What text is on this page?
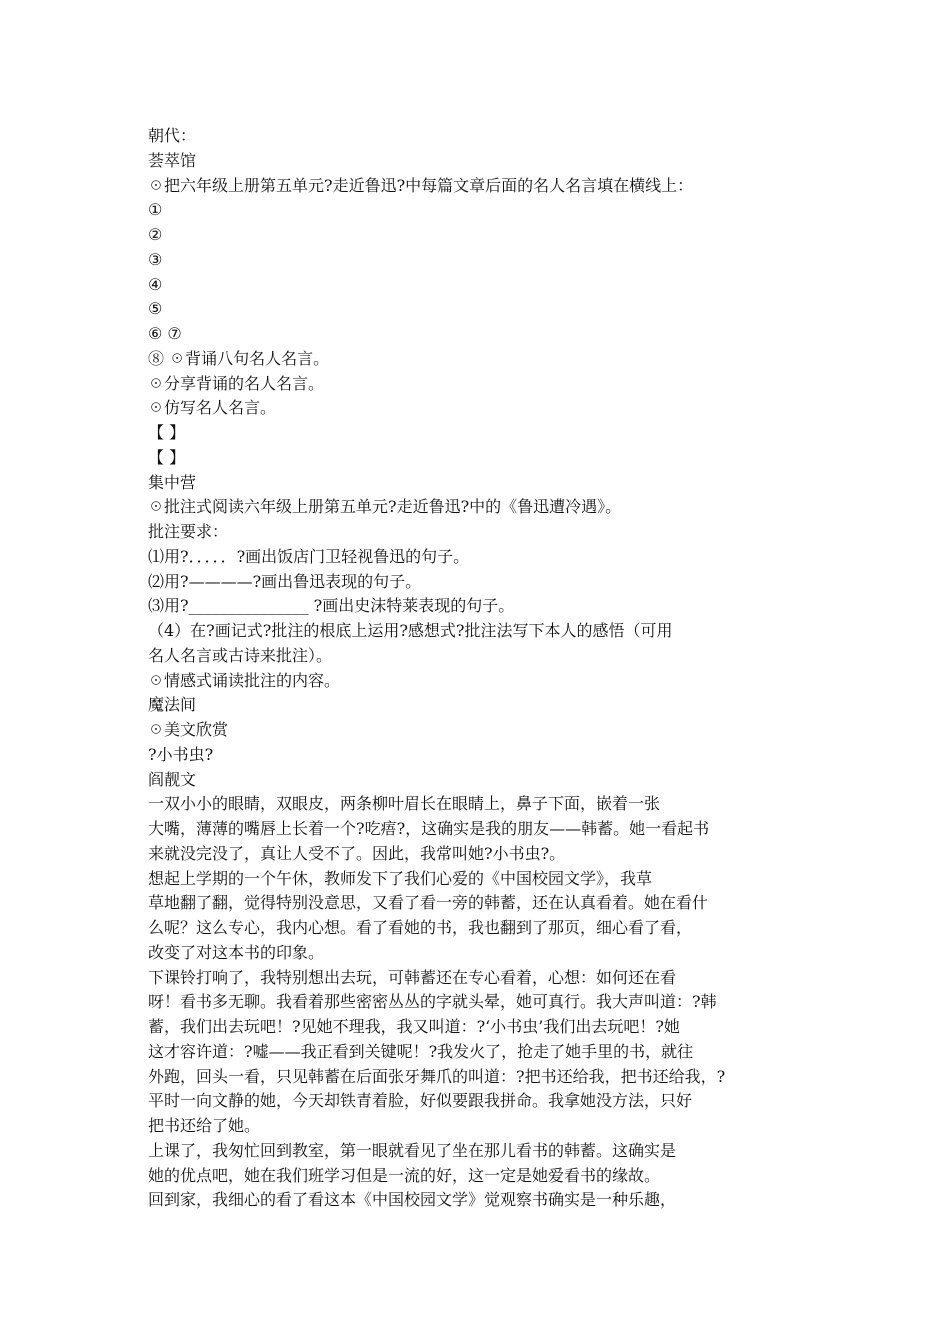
朝代：
荟萃馆
☉把六年级上册第五单元?走近鲁迅?中每篇文章后面的名人名言填在横线上：
①
②
③
④
⑤
⑥ ⑦
⑧ ☉背诵八句名人名言。
☉分享背诵的名人名言。
☉仿写名人名言。
【 】
【 】
集中营
☉批注式阅读六年级上册第五单元?走近鲁迅?中的《鲁迅遭冷遇》。
批注要求：
⑴用?．．．．．?画出饭店门卫轻视鲁迅的句子。
⑵用?————?画出鲁迅表现的句子。
⑶用?_______________ ?画出史沫特莱表现的句子。
（4）在?画记式?批注的根底上运用?感想式?批注法写下本人的感悟（可用
名人名言或古诗来批注）。
☉情感式诵读批注的内容。
魔法间
☉美文欣赏
?小书虫?
阎靓文
一双小小的眼睛，双眼皮，两条柳叶眉长在眼睛上，鼻子下面，嵌着一张
大嘴，薄薄的嘴唇上长着一个?吃痦?，这确实是我的朋友——韩蓄。她一看起书
来就没完没了，真让人受不了。因此，我常叫她?小书虫?。
想起上学期的一个午休，教师发下了我们心爱的《中国校园文学》，我草
草地翻了翻，觉得特别没意思，又看了看一旁的韩蓄，还在认真看着。她在看什
么呢？这么专心，我内心想。看了看她的书，我也翻到了那页，细心看了看，
改变了对这本书的印象。
下课铃打响了，我特别想出去玩，可韩蓄还在专心看着，心想：如何还在看
呀！看书多无聊。我看着那些密密丛丛的字就头晕，她可真行。我大声叫道：?韩
蓄，我们出去玩吧！?见她不理我，我又叫道：?‘小书虫’我们出去玩吧！?她
这才容许道：?嘘——我正看到关键呢！?我发火了，抢走了她手里的书，就往
外跑，回头一看，只见韩蓄在后面张牙舞爪的叫道：?把书还给我，把书还给我，?
平时一向文静的她，今天却铁青着脸，好似要跟我拼命。我拿她没方法，只好
把书还给了她。
上课了，我匆忙回到教室，第一眼就看见了坐在那儿看书的韩蓄。这确实是
她的优点吧，她在我们班学习但是一流的好，这一定是她爱看书的缘故。
回到家，我细心的看了看这本《中国校园文学》觉观察书确实是一种乐趣，
